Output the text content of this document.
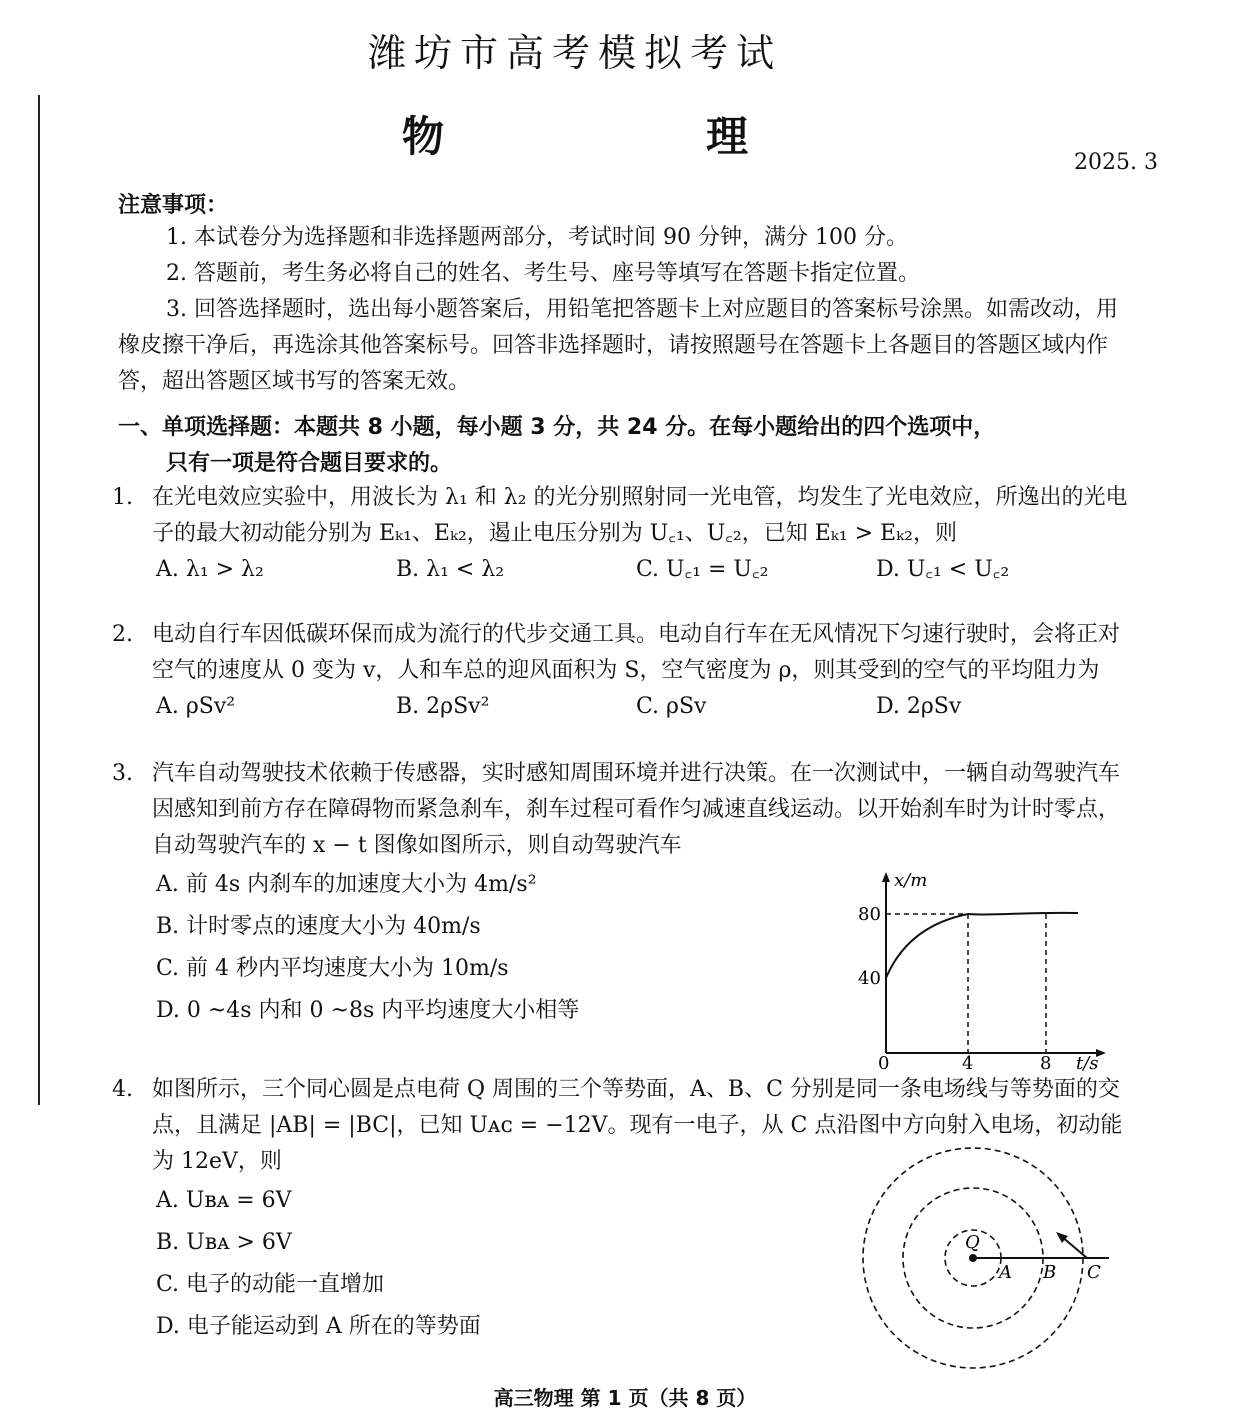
潍坊市高考模拟考试
物　理
2025. 3
注意事项：

1. 本试卷分为选择题和非选择题两部分，考试时间 90 分钟，满分 100 分。

2. 答题前，考生务必将自己的姓名、考生号、座号等填写在答题卡指定位置。

3. 回答选择题时，选出每小题答案后，用铅笔把答题卡上对应题目的答案标号涂黑。如需改动，用橡皮擦干净后，再选涂其他答案标号。回答非选择题时，请按照题号在答题卡上各题目的答题区域内作答，超出答题区域书写的答案无效。

一、单项选择题：本题共 8 小题，每小题 3 分，共 24 分。在每小题给出的四个选项中，

只有一项是符合题目要求的。

1. 在光电效应实验中，用波长为 λ₁ 和 λ₂ 的光分别照射同一光电管，均发生了光电效应，所逸出的光电子的最大初动能分别为 Eₖ₁、Eₖ₂，遏止电压分别为 U꜀₁、U꜀₂，已知 Eₖ₁ > Eₖ₂，则
A. λ₁ > λ₂	B. λ₁ < λ₂	C. U꜀₁ = U꜀₂	D. U꜀₁ < U꜀₂
2. 电动自行车因低碳环保而成为流行的代步交通工具。电动自行车在无风情况下匀速行驶时，会将正对空气的速度从 0 变为 v，人和车总的迎风面积为 S，空气密度为 ρ，则其受到的空气的平均阻力为
A. ρSv²	B. 2ρSv²	C. ρSv	D. 2ρSv
3. 汽车自动驾驶技术依赖于传感器，实时感知周围环境并进行决策。在一次测试中，一辆自动驾驶汽车因感知到前方存在障碍物而紧急刹车，刹车过程可看作匀减速直线运动。以开始刹车时为计时零点，自动驾驶汽车的 x − t 图像如图所示，则自动驾驶汽车
A. 前 4s 内刹车的加速度大小为 4m/s²
B. 计时零点的速度大小为 40m/s
C. 前 4 秒内平均速度大小为 10m/s
D. 0 ~4s 内和 0 ~8s 内平均速度大小相等
x/m
80
40
0	4	8 t/s
4. 如图所示，三个同心圆是点电荷 Q 周围的三个等势面，A、B、C 分别是同一条电场线与等势面的交点，且满足 |AB| = |BC|，已知 Uᴀᴄ = −12V。现有一电子，从 C 点沿图中方向射入电场，初动能为 12eV，则
A. Uʙᴀ = 6V
B. Uʙᴀ > 6V
C. 电子的动能一直增加
D. 电子能运动到 A 所在的等势面
Q
A B C
高三物理 第 1 页（共 8 页）
